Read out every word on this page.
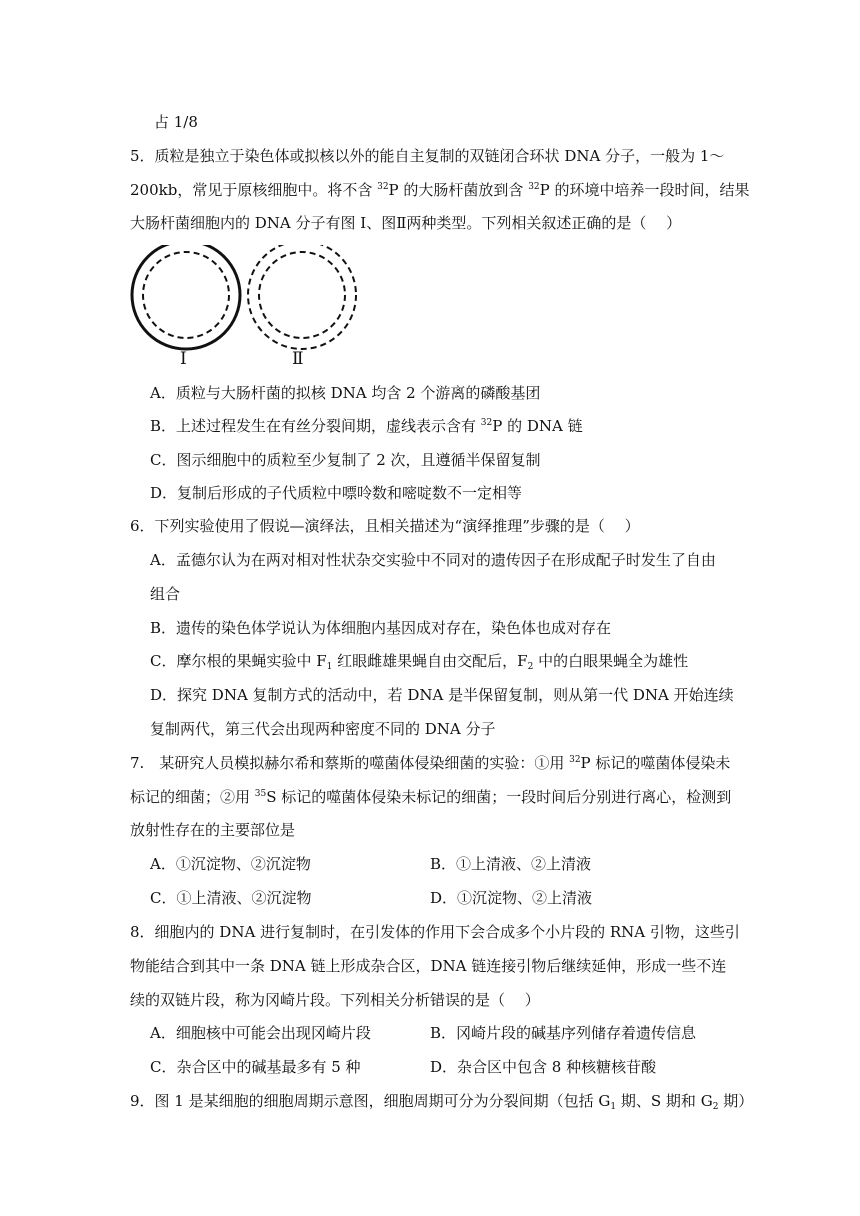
占 1/8
5．质粒是独立于染色体或拟核以外的能自主复制的双链闭合环状 DNA 分子，一般为 1～
200kb，常见于原核细胞中。将不含 $^{32}$P 的大肠杆菌放到含 $^{32}$P 的环境中培养一段时间，结果
大肠杆菌细胞内的 DNA 分子有图 I、图Ⅱ两种类型。下列相关叙述正确的是（　 ）
Ⅰ	Ⅱ
A．质粒与大肠杆菌的拟核 DNA 均含 2 个游离的磷酸基团
B．上述过程发生在有丝分裂间期，虚线表示含有 $^{32}$P 的 DNA 链
C．图示细胞中的质粒至少复制了 2 次，且遵循半保留复制
D．复制后形成的子代质粒中嘌呤数和嘧啶数不一定相等
6．下列实验使用了假说—演绎法，且相关描述为“演绎推理”步骤的是（　 ）
A．孟德尔认为在两对相对性状杂交实验中不同对的遗传因子在形成配子时发生了自由
组合
B．遗传的染色体学说认为体细胞内基因成对存在，染色体也成对存在
C．摩尔根的果蝇实验中 $F_1$ 红眼雌雄果蝇自由交配后，$F_2$ 中的白眼果蝇全为雄性
D．探究 DNA 复制方式的活动中，若 DNA 是半保留复制，则从第一代 DNA 开始连续
复制两代，第三代会出现两种密度不同的 DNA 分子
7.　某研究人员模拟赫尔希和蔡斯的噬菌体侵染细菌的实验：①用 $^{32}$P 标记的噬菌体侵染未
标记的细菌；②用 $^{35}$S 标记的噬菌体侵染未标记的细菌；一段时间后分别进行离心，检测到
放射性存在的主要部位是
A．①沉淀物、②沉淀物	B．①上清液、②上清液
C．①上清液、②沉淀物	D．①沉淀物、②上清液
8．细胞内的 DNA 进行复制时，在引发体的作用下会合成多个小片段的 RNA 引物，这些引
物能结合到其中一条 DNA 链上形成杂合区，DNA 链连接引物后继续延伸，形成一些不连
续的双链片段，称为冈崎片段。下列相关分析错误的是（　 ）
A．细胞核中可能会出现冈崎片段	B．冈崎片段的碱基序列储存着遗传信息
C．杂合区中的碱基最多有 5 种	D．杂合区中包含 8 种核糖核苷酸
9．图 1 是某细胞的细胞周期示意图，细胞周期可分为分裂间期（包括 $G_1$ 期、S 期和 $G_2$ 期）
